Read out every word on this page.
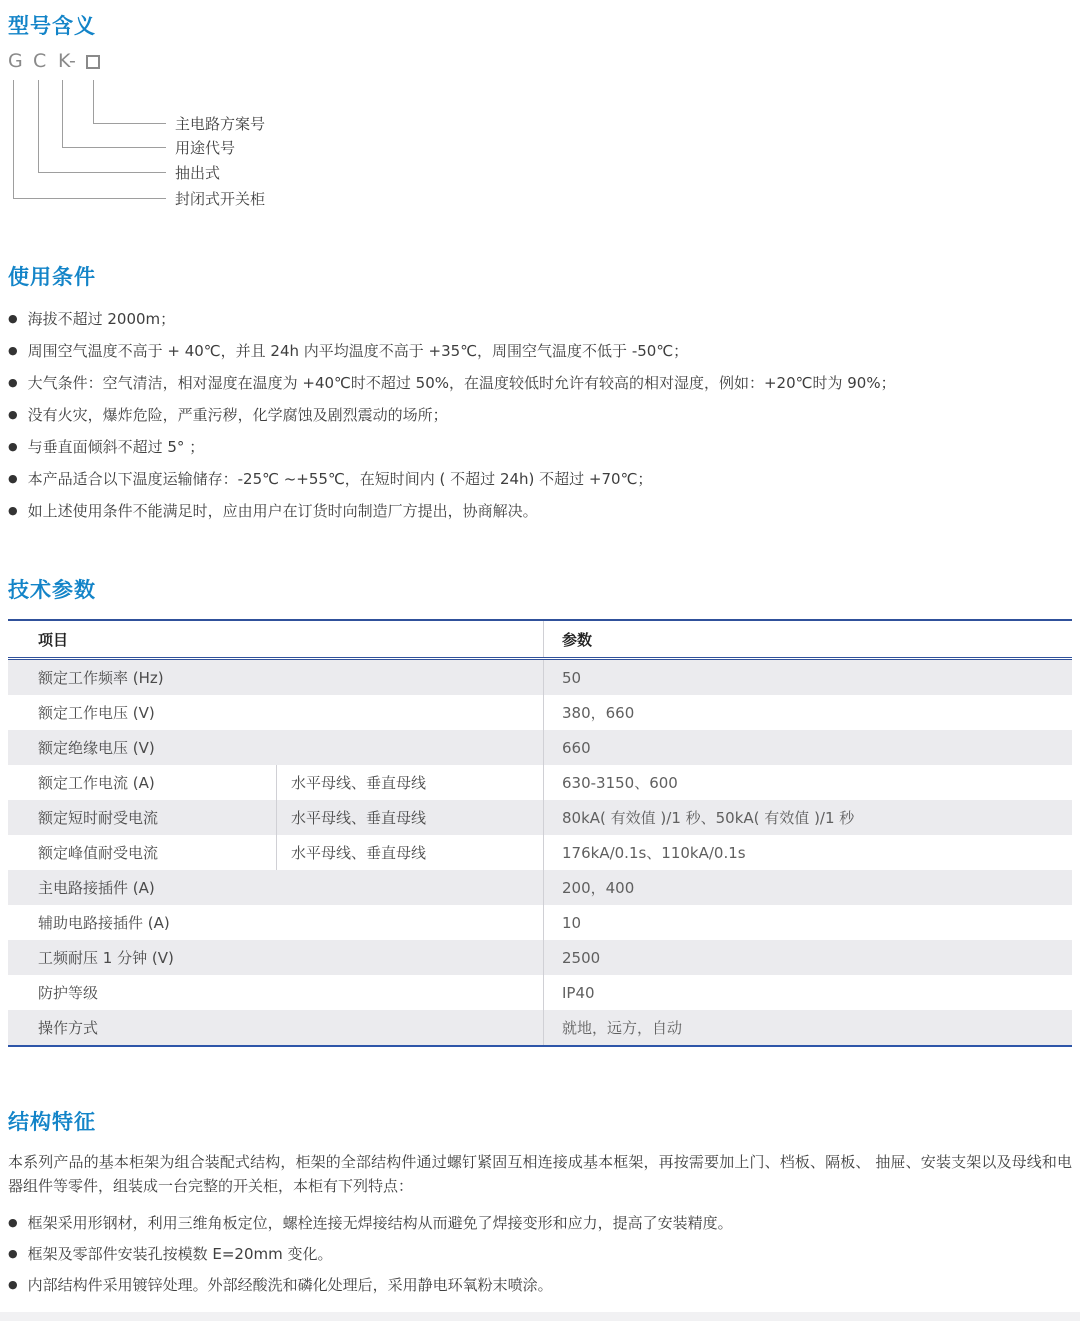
型号含义
G C K
-
主电路方案号
用途代号
抽出式
封闭式开关柜
使用条件
● 海拔不超过 2000m；
● 周围空气温度不高于 + 40℃，并且 24h 内平均温度不高于 +35℃，周围空气温度不低于 -50℃；
● 大气条件：空气清洁，相对湿度在温度为 +40℃时不超过 50%，在温度较低时允许有较高的相对湿度，例如：+20℃时为 90%；
● 没有火灾，爆炸危险，严重污秽，化学腐蚀及剧烈震动的场所；
● 与垂直面倾斜不超过 5° ；
● 本产品适合以下温度运输储存：-25℃ ~+55℃，在短时间内 ( 不超过 24h) 不超过 +70℃；
● 如上述使用条件不能满足时，应由用户在订货时向制造厂方提出，协商解决。
技术参数
项目	参数
额定工作频率 (Hz)	50
额定工作电压 (V)	380，660
额定绝缘电压 (V)	660
额定工作电流 (A)	水平母线、垂直母线	630-3150、600
额定短时耐受电流	水平母线、垂直母线	80kA( 有效值 )/1 秒、50kA( 有效值 )/1 秒
额定峰值耐受电流	水平母线、垂直母线	176kA/0.1s、110kA/0.1s
主电路接插件 (A)	200，400
辅助电路接插件 (A)	10
工频耐压 1 分钟 (V)	2500
防护等级	IP40
操作方式	就地，远方，自动
结构特征

本系列产品的基本柜架为组合装配式结构，柜架的全部结构件通过螺钉紧固互相连接成基本框架，再按需要加上门、档板、隔板、 抽屉、安装支架以及母线和电器组件等零件，组装成一台完整的开关柜，本柜有下列特点：

● 框架采用形钢材，利用三维角板定位，螺栓连接无焊接结构从而避免了焊接变形和应力，提高了安装精度。
● 框架及零部件安装孔按模数 E=20mm 变化。
● 内部结构件采用镀锌处理。外部经酸洗和磷化处理后，采用静电环氧粉末喷涂。
